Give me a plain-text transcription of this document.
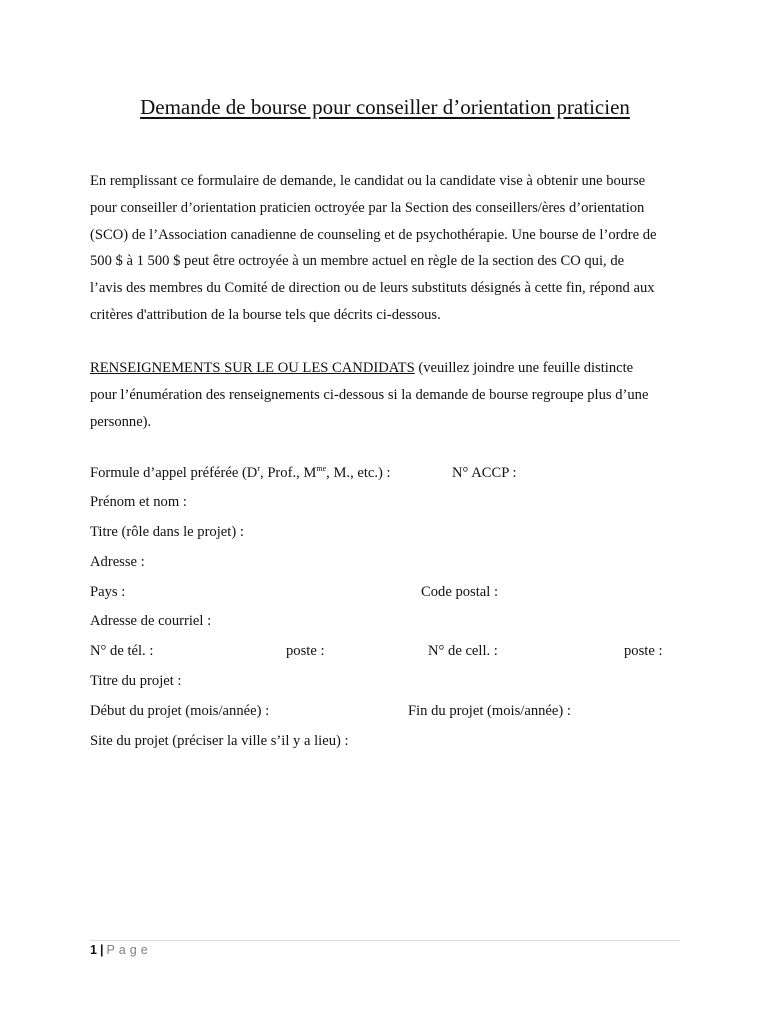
Demande de bourse pour conseiller d’orientation praticien
En remplissant ce formulaire de demande, le candidat ou la candidate vise à obtenir une bourse
pour conseiller d’orientation praticien octroyée par la Section des conseillers/ères d’orientation
(SCO) de l’Association canadienne de counseling et de psychothérapie. Une bourse de l’ordre de
500 $ à 1 500 $ peut être octroyée à un membre actuel en règle de la section des CO qui, de
l’avis des membres du Comité de direction ou de leurs substituts désignés à cette fin, répond aux
critères d'attribution de la bourse tels que décrits ci-dessous.
RENSEIGNEMENTS SUR LE OU LES CANDIDATS (veuillez joindre une feuille distincte
pour l’énumération des renseignements ci-dessous si la demande de bourse regroupe plus d’une
personne).
Formule d’appel préférée ($D^r$, Prof., $M^{me}$, M., etc.) :	N° ACCP :
Prénom et nom :
Titre (rôle dans le projet) :
Adresse :
Pays :	Code postal :
Adresse de courriel :
N° de tél. :	poste :	N° de cell. :	poste :
Titre du projet :
Début du projet (mois/année) :	Fin du projet (mois/année) :
Site du projet (préciser la ville s’il y a lieu) :
1 | Page
